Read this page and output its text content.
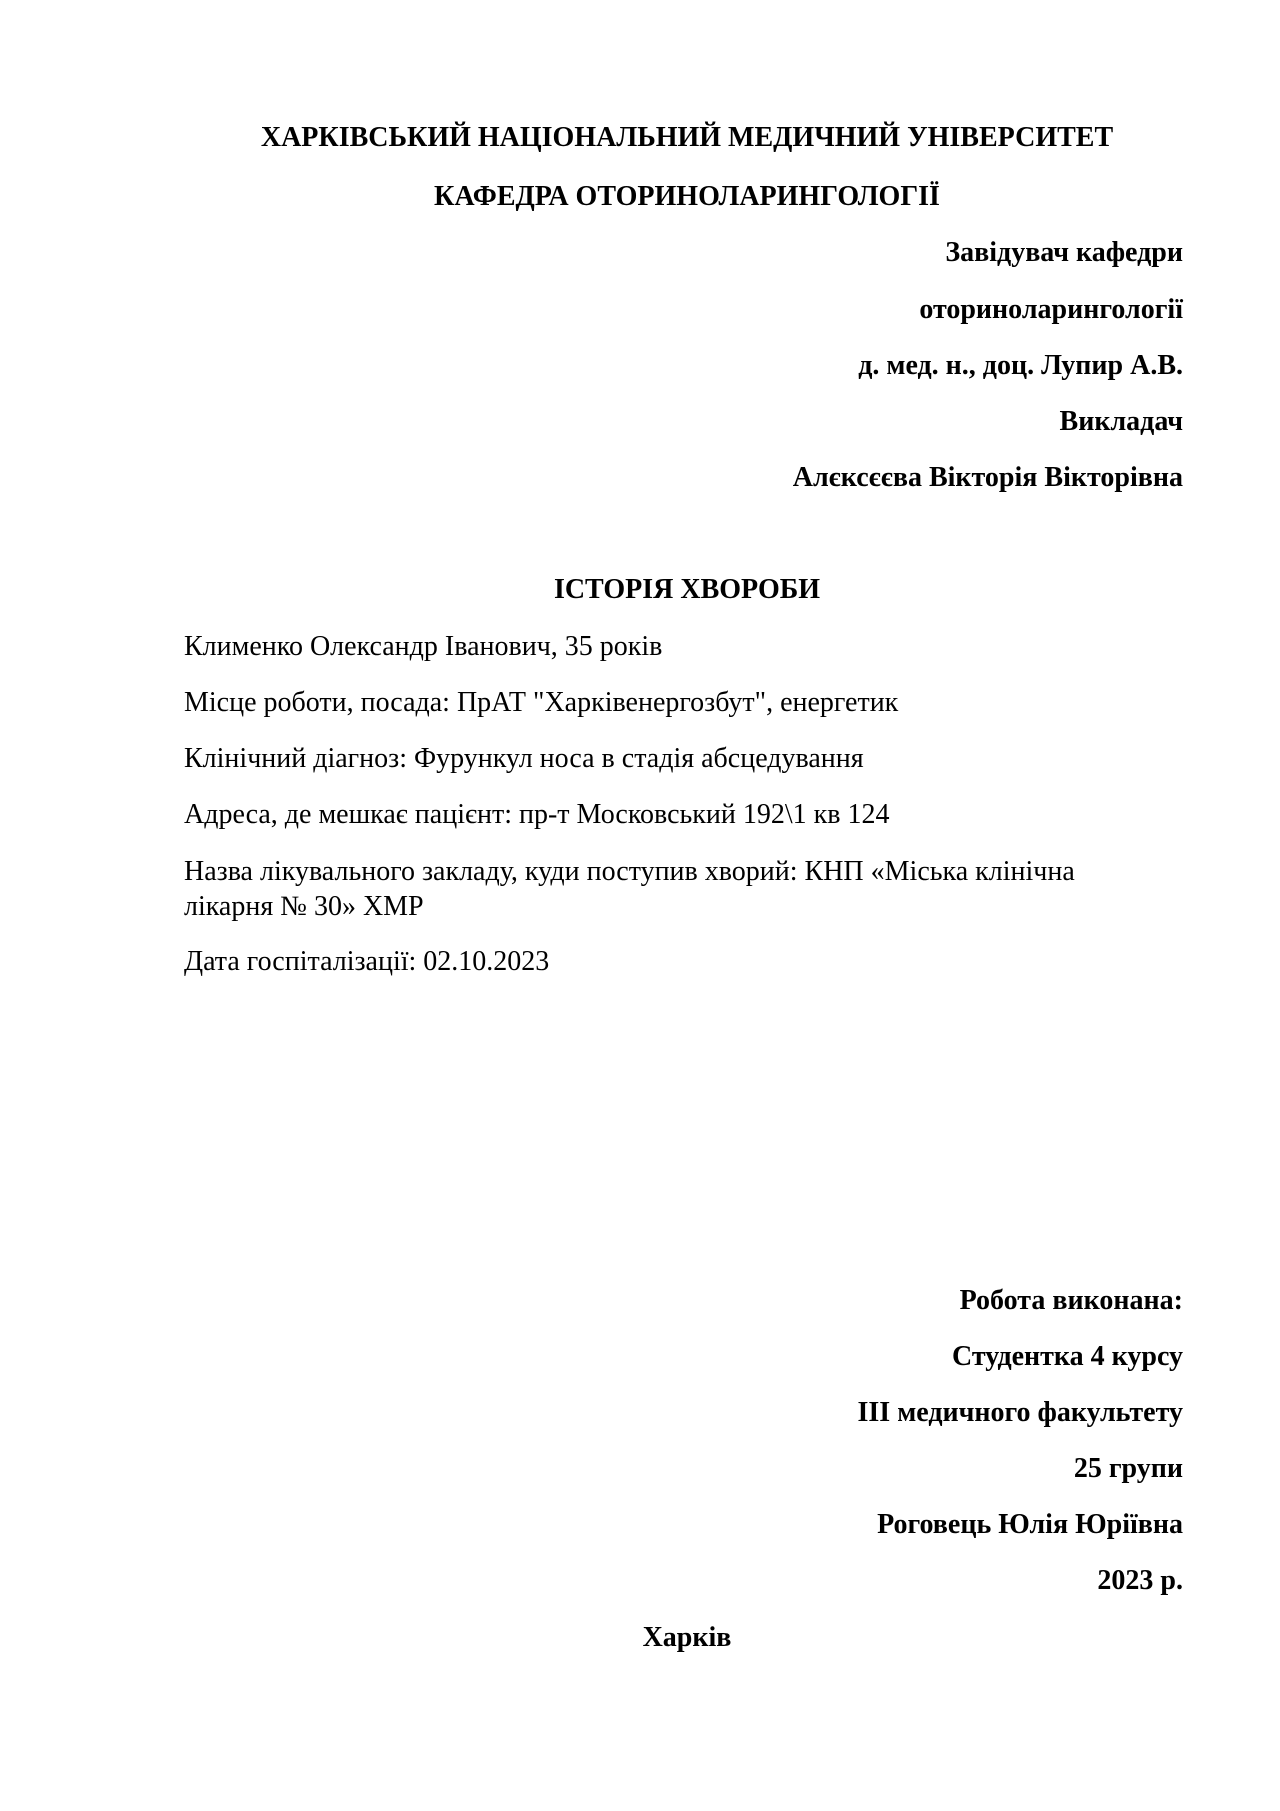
ХАРКІВСЬКИЙ НАЦІОНАЛЬНИЙ МЕДИЧНИЙ УНІВЕРСИТЕТ
КАФЕДРА ОТОРИНОЛАРИНГОЛОГІЇ
Завідувач кафедри
оториноларингології
д. мед. н., доц. Лупир А.В.
Викладач
Алєксєєва Вікторія Вікторівна
ІСТОРІЯ ХВОРОБИ
Клименко Олександр Іванович, 35 років
Місце роботи, посада: ПрАТ "Харківенергозбут", енергетик
Клінічний діагноз: Фурункул носа в стадія абсцедування
Адреса, де мешкає пацієнт: пр-т Московський 192\1 кв 124
Назва лікувального закладу, куди поступив хворий: КНП «Міська клінічна
лікарня № 30» ХМР
Дата госпіталізації: 02.10.2023
Робота виконана:
Студентка 4 курсу
ІІІ медичного факультету
25 групи
Роговець Юлія Юріївна
2023 р.
Харків
